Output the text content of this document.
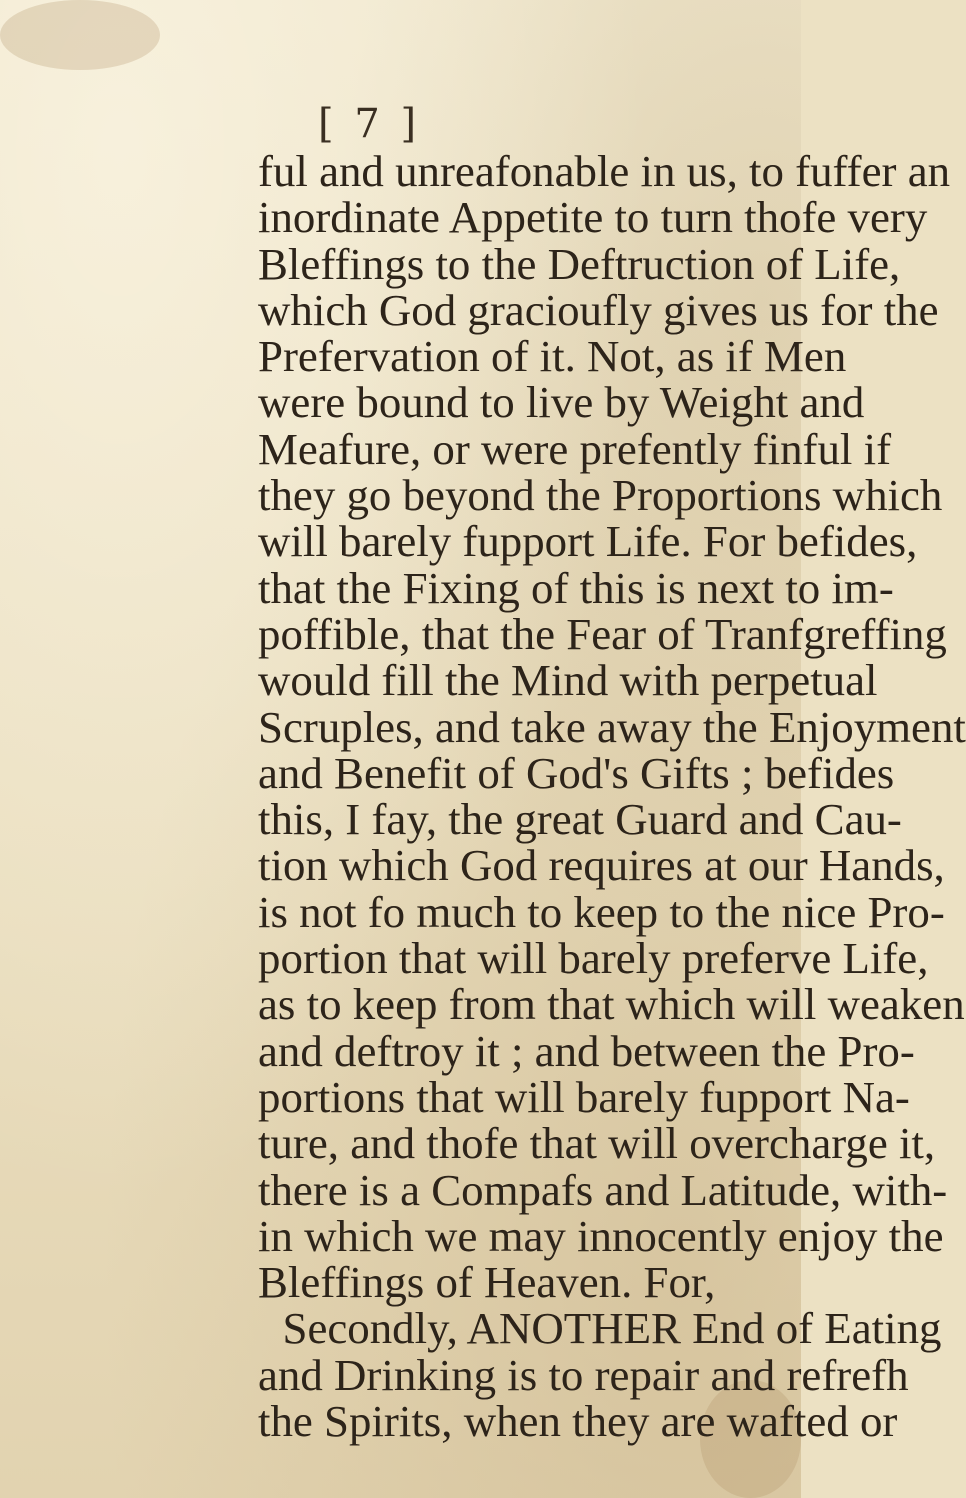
[ 7 ]
ful and unreafonable in us, to fuffer an
inordinate Appetite to turn thofe very
Bleffings to the Deftruction of Life,
which God gracioufly gives us for the
Prefervation of it. Not, as if Men
were bound to live by Weight and
Meafure, or were prefently finful if
they go beyond the Proportions which
will barely fupport Life. For befides,
that the Fixing of this is next to im-
poffible, that the Fear of Tranfgreffing
would fill the Mind with perpetual
Scruples, and take away the Enjoyment
and Benefit of God's Gifts ; befides
this, I fay, the great Guard and Cau-
tion which God requires at our Hands,
is not fo much to keep to the nice Pro-
portion that will barely preferve Life,
as to keep from that which will weaken
and deftroy it ; and between the Pro-
portions that will barely fupport Na-
ture, and thofe that will overcharge it,
there is a Compafs and Latitude, with-
in which we may innocently enjoy the
Bleffings of Heaven. For,
Secondly, ANOTHER End of Eating
and Drinking is to repair and refrefh
the Spirits, when they are wafted or
